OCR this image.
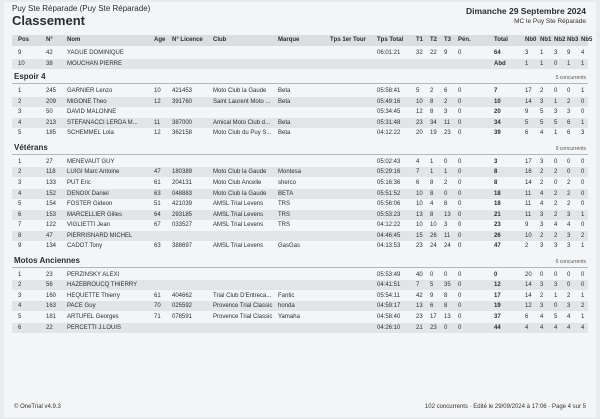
Puy Ste Réparade (Puy Ste Réparade)
Classement
Dimanche 29 Septembre 2024
MC le Puy Ste Réparade
Pos	N° Nom	Age N° Licence Club	Marque	Tps 1er Tour Tps Total T1 T2 T3 Pén.	Total	Nb0 Nb1 Nb2 Nb3 Nb5
9	42 YAGUE DOMINIQUE	06:01:21	32 22 9 0	64	3 1 3 9 4
10	38 MOUCHAN PIERRE	Abd	1 1 0 1 1
Espoir 4	5 concurrents
1	245 GARNIER Lenzo	10 421453	Moto Club la Gaude Beta	05:58:41	5 2 6 0	7	17 2 0 0 1
2	209 MIGONE Theo	12 391760	Saint Laurent Moto ... Beta	05:49:16	10 8 2 0	10	14 3 1 2 0
3	50 DAVID MALONNE	05:34:45	12 8 3 0	20	9 5 3 3 0
4	213 STEFANACCI LERDA M...	11 387000	Amical Moto Club d... Beta	05:31:48	23 34 11 0	34	5 5 5 6 1
5	185 SCHEMMEL Lola	12 362158	Moto Club du Puy S... Beta	04:12:22	20 19 23 0	39	6 4 1 6 3
Vétérans	9 concurrents
1	27 MENEVAUT GUY	05:02:43	4 1 0 0	3	17 3 0 0 0
2	118 LUIGI Marc Antoine	47 180389	Moto Club la Gaude Montesa	05:29:16	7 1 1 0	8	16 2 2 0 0
3	133 PUT Eric	61 204131	Moto Club Ancelle	sherco	05:16:36	6 8 2 0	8	14 2 0 2 0
4	152 DENOIX Daniel	63 048883	Moto Club la Gaude BETA	05:51:52	10 8 0 0	18	11 4 2 2 0
5	154 FOSTER Gideon	51 421039	AMSL Trial Levens TRS	05:56:06	10 4 8 0	18	11 4 2 2 0
6	153 MARCELLIER Gilles	64 293185	AMSL Trial Levens TRS	05:53:23	13 8 13 0	21	11 3 2 3 1
7	122 VIGLIETTI Jean	67 033527	AMSL Trial Levens TRS	04:12:22	10 10 3 0	23	9 3 4 4 0
8	47 PIERRISNARD MICHEL	04:46:45	15 26 11 0	26	10 2 2 3 2
9	134 CADOT Tony	63 388697	AMSL Trial Levens GasGas	04:13:53	23 24 24 0	47	2 3 3 3 1
Motos Anciennes	6 concurrents
1	23 PERZINSKY ALEXI	05:53:49	40 0 0 0	0	20 0 0 0 0
2	56 HAZEBROUCQ THIERRY	04:41:51	7 5 35 0	12	14 3 3 0 0
3	160 HEQUETTE Thierry	61 404662	Trial Club D'Entreca... Fantic	05:54:11	42 9 8 0	17	14 2 1 2 1
4	163 PACE Guy	70 025592	Provence Trial Classic honda	04:59:17	13 6 8 0	19	12 3 0 3 2
5	181 ARTUFEL Georges	71 078591	Provence Trial Classic Yamaha	04:58:40	23 17 13 0	37	6 4 5 4 1
6	22 PERCETTI J.LOUIS	04:26:10	21 23 0 0	44	4 4 4 4 4
© OneTrial v4.9.3	102 concurrents · Edité le 29/09/2024 à 17:06 · Page 4 sur 5
